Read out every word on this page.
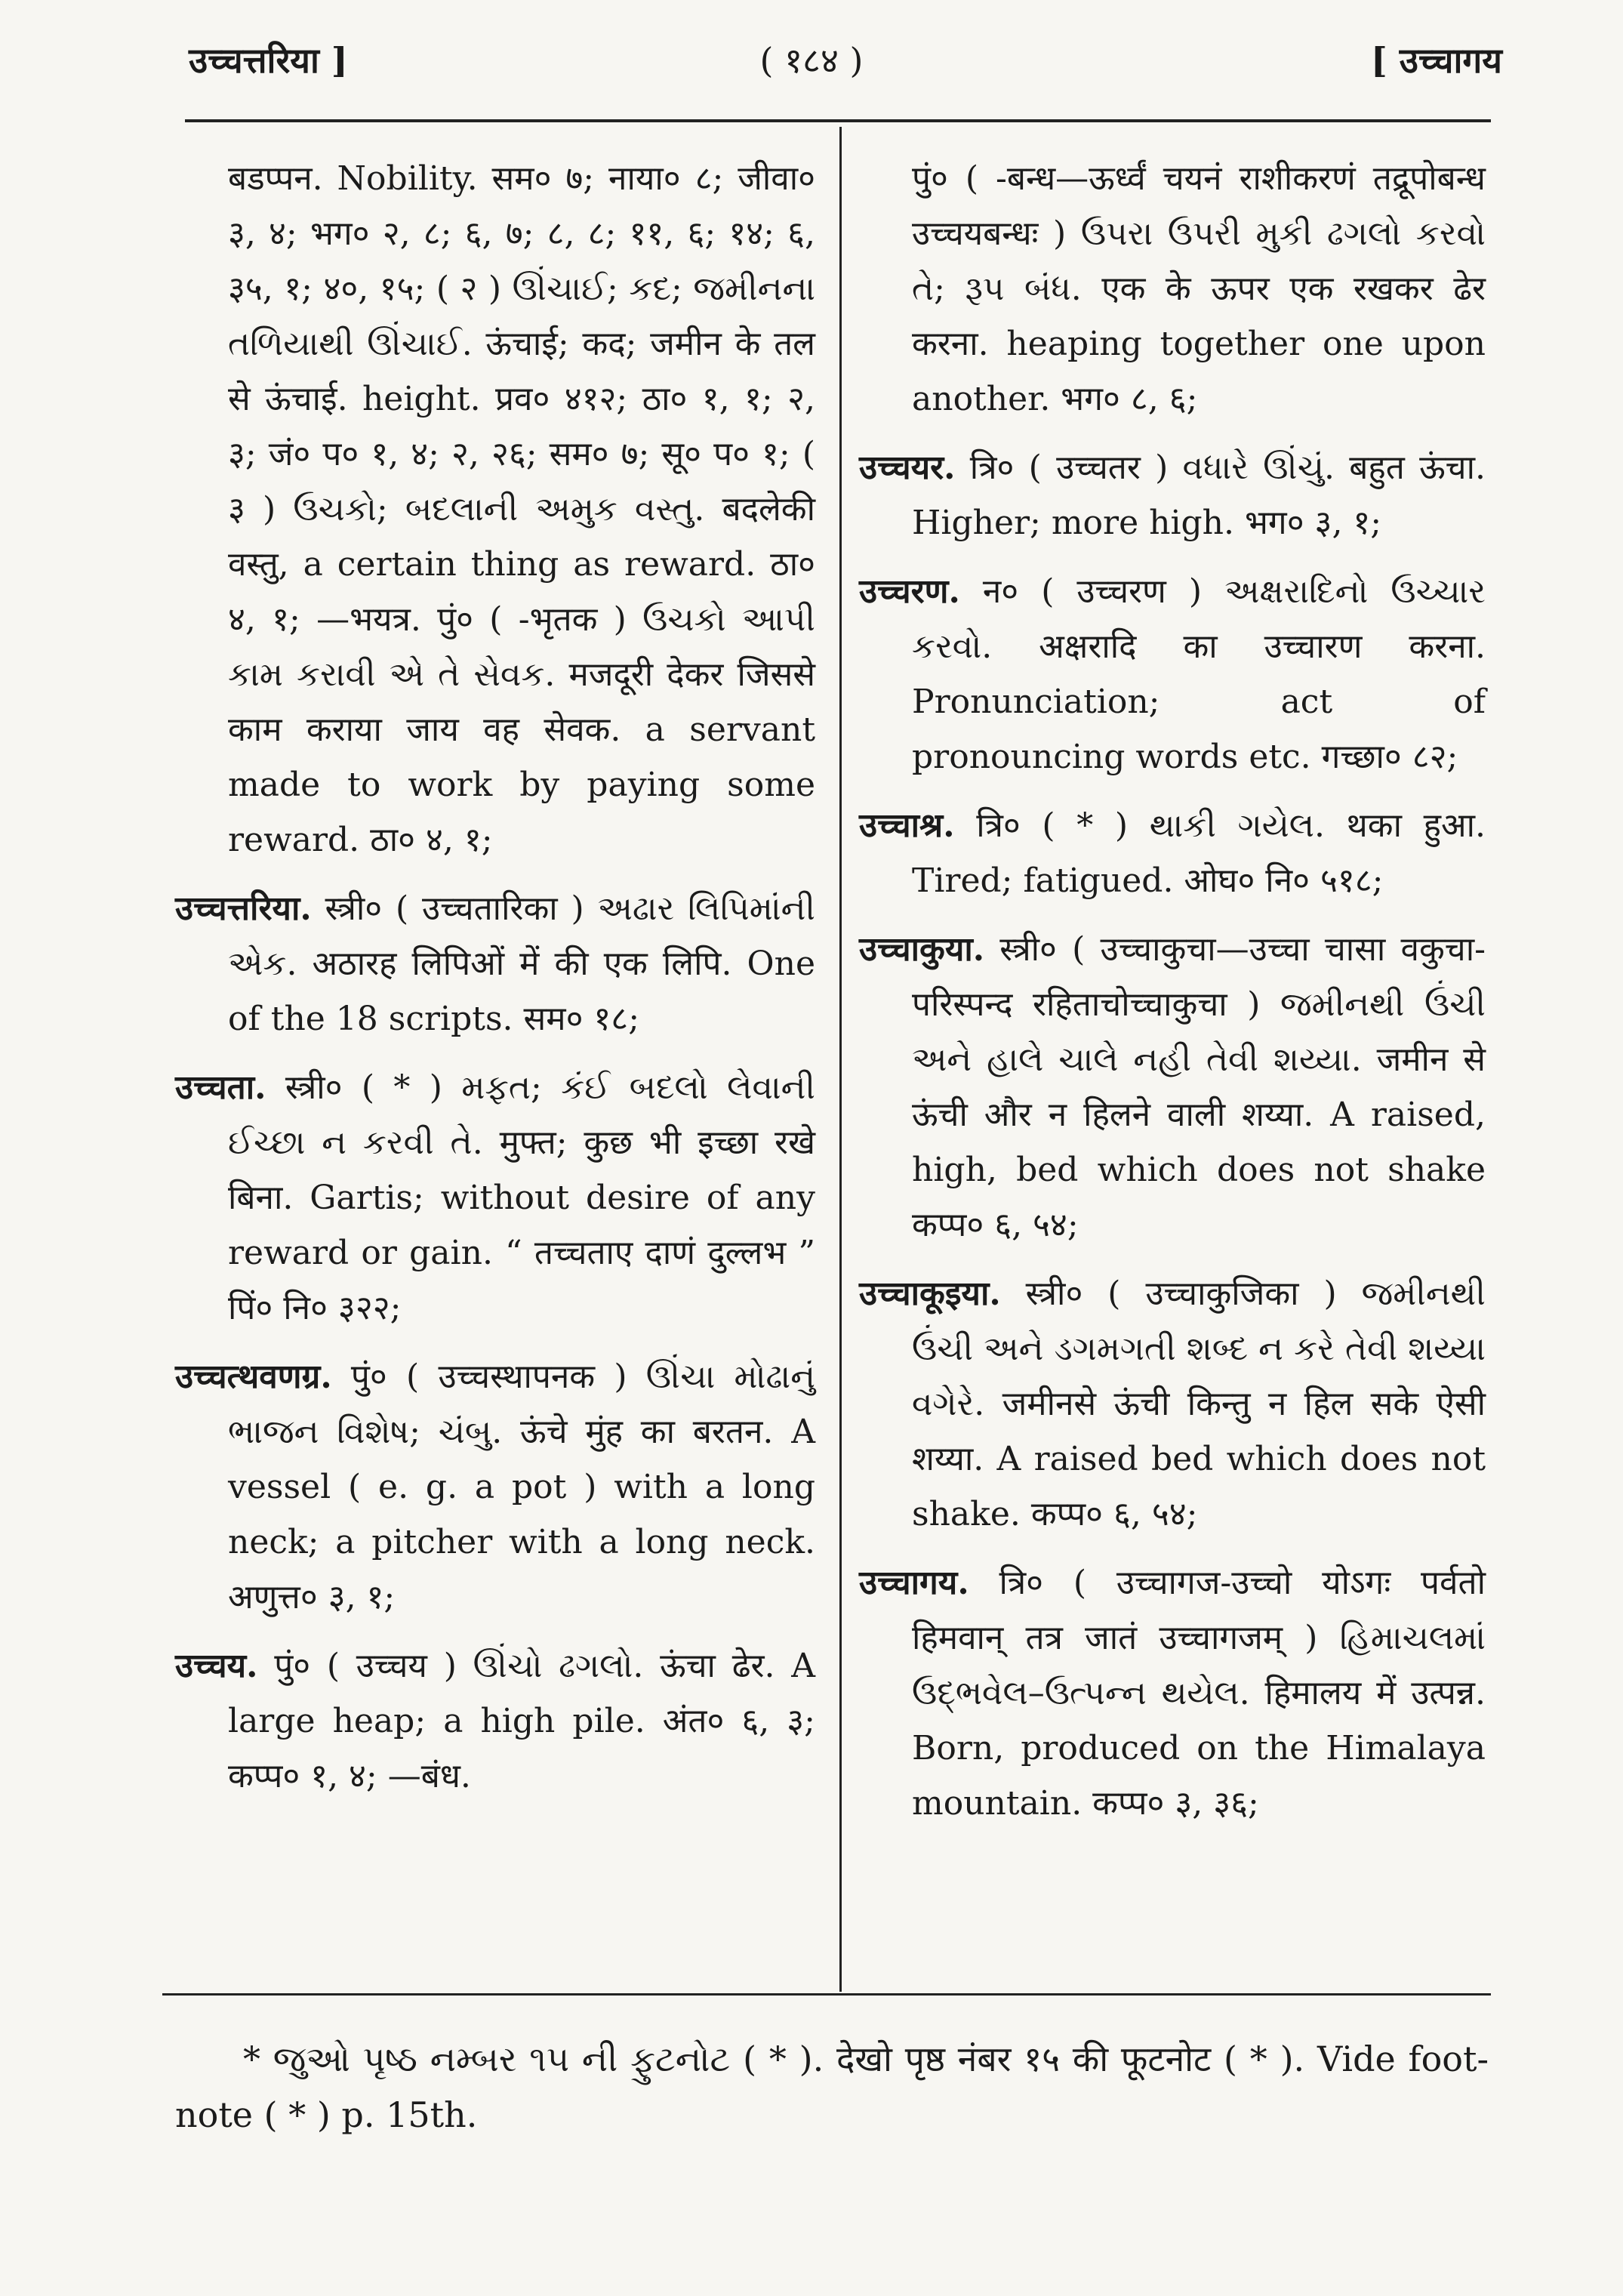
उच्चत्तरिया ]	( १८४ )	[ उच्चागय

बडप्पन. Nobility. सम० ७; नाया० ८; जीवा० ३, ४; भग० २, ८; ६, ७; ८, ८; ११, ६; १४; ६, ३५, १; ४०, १५; ( २ ) ઊંચાઈ; કદ; જમીનના તળિયાથી ઊંચાઈ. ऊंचाई; कद; जमीन के तल से ऊंचाई. height. प्रव० ४१२; ठा० १, १; २, ३; जं० प० १, ४; २, २६; सम० ७; सू० प० १; ( ३ ) ઉચકો; બદલાની અમુક વસ્તુ. बदलेकी वस्तु, a certain thing as reward. ठा० ४, १; —भयत्र. पुं० ( -भृतक ) ઉચકો આપી કામ કરાવી એ તે સેવક. मजदूरी देकर जिससे काम कराया जाय वह सेवक. a servant made to work by paying some reward. ठा० ४, १;

उच्चत्तरिया. स्त्री० ( उच्चतारिका ) અઢાર લિપિમાંની એક. अठारह लिपिओं में की एक लिपि. One of the 18 scripts. सम० १८;

उच्चता. स्त्री० ( * ) મફત; કંઈ બદલો લેવાની ઈચ્છા ન કરવી તે. मुफ्त; कुछ भी इच्छा रखे बिना. Gartis; without desire of any reward or gain. “ तच्चताए दाणं दुल्लभ ” पिं० नि० ३२२;

उच्चत्थवणग्र. पुं० ( उच्चस्थापनक ) ઊંચા મોઢાનું ભાજન વિશેષ; ચંબુ. ऊंचे मुंह का बरतन. A vessel ( e. g. a pot ) with a long neck; a pitcher with a long neck. अणुत्त० ३, १;

उच्चय. पुं० ( उच्चय ) ઊંચો ઢગલો. ऊंचा ढेर. A large heap; a high pile. अंत० ६, ३; कप्प० १, ४; —बंध.

पुं० ( -बन्ध—ऊर्ध्वं चयनं राशीकरणं तद्रूपोबन्ध उच्चयबन्धः ) ઉપરા ઉપરી મુકી ઢગલો કરવો તે; રૂપ બંધ. एक के ऊपर एक रखकर ढेर करना. heaping together one upon another. भग० ८, ६;

उच्चयर. त्रि० ( उच्चतर ) વધારે ઊંચું. बहुत ऊंचा. Higher; more high. भग० ३, १;

उच्चरण. न० ( उच्चरण ) અક્ષરાદિનો ઉચ્ચાર કરવો. अक्षरादि का उच्चारण करना. Pronunciation; act of pronouncing words etc. गच्छा० ८२;

उच्चाश्र. त्रि० ( * ) થાકી ગયેલ. थका हुआ. Tired; fatigued. ओघ० नि० ५१८;

उच्चाकुया. स्त्री० ( उच्चाकुचा—उच्चा चासा वकुचा-परिस्पन्द रहिताचोच्चाकुचा ) જમીનથી ઉંચી અને હાલે ચાલે નહી તેવી શય્યા. जमीन से ऊंची और न हिलने वाली शय्या. A raised, high, bed which does not shake कप्प० ६, ५४;

उच्चाकूइया. स्त्री० ( उच्चाकुजिका ) જમીનથી ઉંચી અને ડગમગતી શબ્દ ન કરે તેવી શય્યા વગેરે. जमीनसे ऊंची किन्तु न हिल सके ऐसी शय्या. A raised bed which does not shake. कप्प० ६, ५४;

उच्चागय. त्रि० ( उच्चागज-उच्चो योऽगः पर्वतो हिमवान् तत्र जातं उच्चागजम् ) હિમાચલમાં ઉદ્‌ભવેલ–ઉત્પન્ન થયેલ. हिमालय में उत्पन्न. Born, produced on the Himalaya mountain. कप्प० ३, ३६;

* જુઓ પૃષ્ઠ નમ્બર ૧૫ ની ફુટનોટ ( * ). देखो पृष्ठ नंबर १५ की फूटनोट ( * ). Vide foot-note ( * ) p. 15th.
